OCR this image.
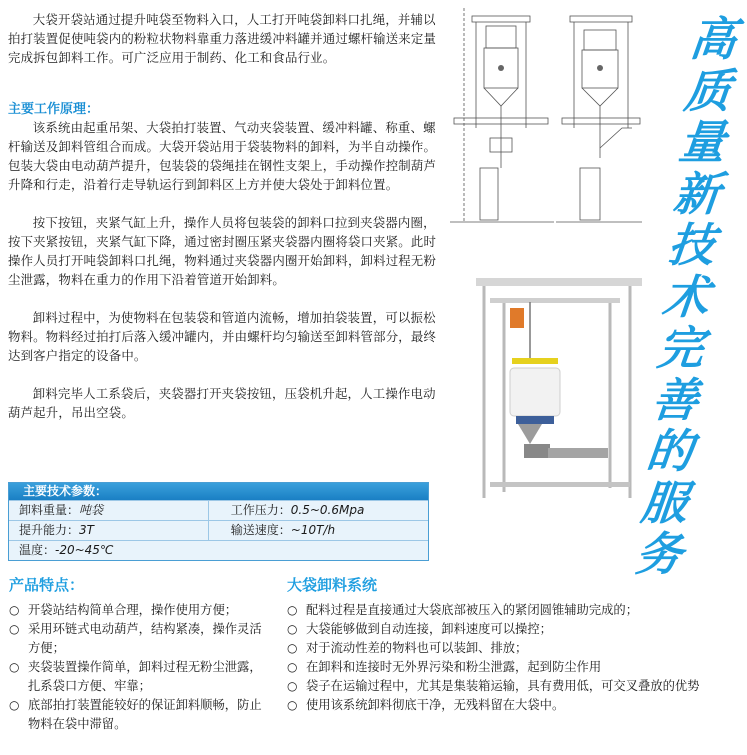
大袋开袋站通过提升吨袋至物料入口，人工打开吨袋卸料口扎绳，并辅以拍打装置促使吨袋内的粉粒状物料靠重力落进缓冲料罐并通过螺杆输送来定量完成拆包卸料工作。可广泛应用于制药、化工和食品行业。

主要工作原理：

该系统由起重吊架、大袋拍打装置、气动夹袋装置、缓冲料罐、称重、螺杆输送及卸料管组合而成。大袋开袋站用于袋装物料的卸料，为半自动操作。包装大袋由电动葫芦提升，包装袋的袋绳挂在钢性支架上，手动操作控制葫芦升降和行走，沿着行走导轨运行到卸料区上方并使大袋处于卸料位置。

按下按钮，夹紧气缸上升，操作人员将包装袋的卸料口拉到夹袋器内圈，按下夹紧按钮，夹紧气缸下降，通过密封圈压紧夹袋器内圈将袋口夹紧。此时操作人员打开吨袋卸料口扎绳，物料通过夹袋器内圈开始卸料，卸料过程无粉尘泄露，物料在重力的作用下沿着管道开始卸料。

卸料过程中，为使物料在包装袋和管道内流畅，增加拍袋装置，可以振松物料。物料经过拍打后落入缓冲罐内，并由螺杆均匀输送至卸料管部分，最终达到客户指定的设备中。

卸料完毕人工系袋后，夹袋器打开夹袋按钮，压袋机升起，人工操作电动葫芦起升，吊出空袋。

高
质
量
新
技
术
完
善
的
服
务
主要技术参数：
卸料重量：吨袋	工作压力：0.5~0.6Mpa
提升能力：3T	输送速度：~10T/h
温度：-20~45℃
产品特点：
○ 开袋站结构简单合理，操作使用方便；
○ 采用环链式电动葫芦，结构紧凑，操作灵活方便；
○ 夹袋装置操作简单，卸料过程无粉尘泄露，扎系袋口方便、牢靠；
○ 底部拍打装置能较好的保证卸料顺畅，防止物料在袋中滞留。
大袋卸料系统
○ 配料过程是直接通过大袋底部被压入的紧闭圆锥辅助完成的；
○ 大袋能够做到自动连接，卸料速度可以操控；
○ 对于流动性差的物料也可以装卸、排放；
○ 在卸料和连接时无外界污染和粉尘泄露，起到防尘作用
○ 袋子在运输过程中，尤其是集装箱运输，具有费用低，可交叉叠放的优势
○ 使用该系统卸料彻底干净，无残料留在大袋中。
